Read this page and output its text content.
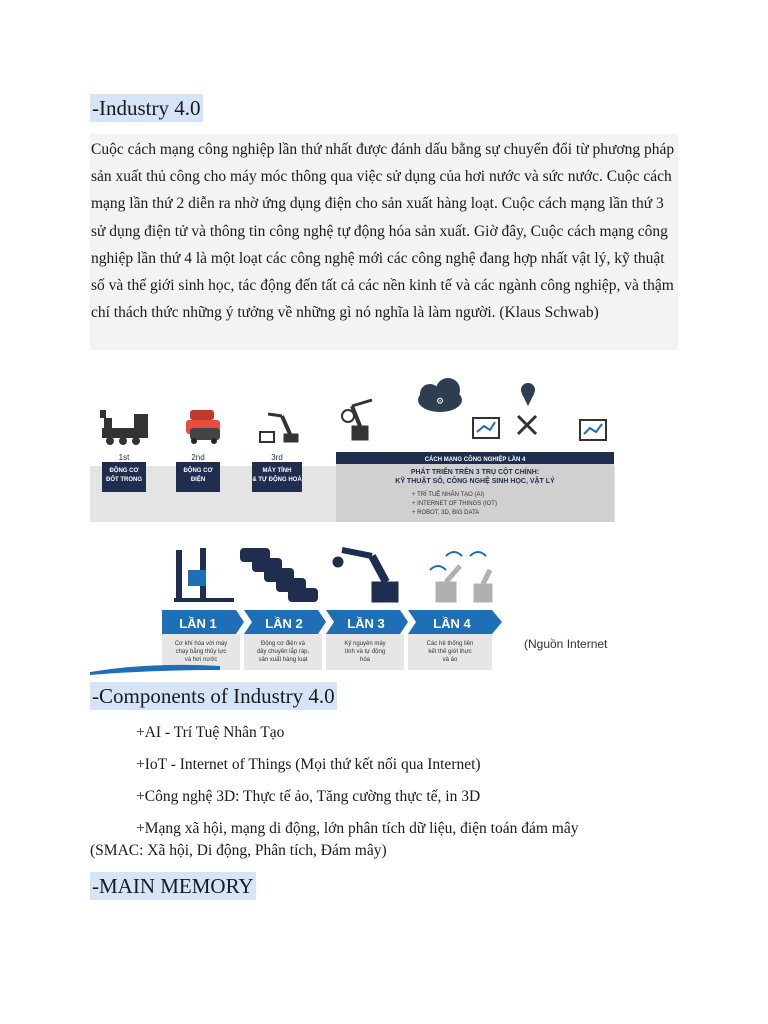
-Industry 4.0

Cuộc cách mạng công nghiệp lần thứ nhất được đánh dấu bằng sự chuyển đổi từ phương pháp sản xuất thủ công cho máy móc thông qua việc sử dụng của hơi nước và sức nước. Cuộc cách mạng lần thứ 2 diễn ra nhờ ứng dụng điện cho sản xuất hàng loạt. Cuộc cách mạng lần thứ 3 sử dụng điện tử và thông tin công nghệ tự động hóa sản xuất. Giờ đây, Cuộc cách mạng công nghiệp lần thứ 4 là một loạt các công nghệ mới các công nghệ đang hợp nhất vật lý, kỹ thuật số và thế giới sinh học, tác động đến tất cả các nền kinh tế và các ngành công nghiệp, và thậm chí thách thức những ý tưởng về những gì nó nghĩa là làm người. (Klaus Schwab)

⚙
1st
ĐỘNG CƠ
ĐỐT TRONG
2nd
ĐỘNG CƠ
ĐIỆN
3rd
MÁY TÍNH
& TỰ ĐỘNG HOÁ
CÁCH MẠNG CÔNG NGHIỆP LẦN 4
PHÁT TRIỂN TRÊN 3 TRỤ CỘT CHÍNH:
KỸ THUẬT SỐ, CÔNG NGHỆ SINH HỌC, VẬT LÝ
+ TRÍ TUỆ NHÂN TẠO (AI)
+ INTERNET OF THINGS (IOT)
+ ROBOT, 3D, BIG DATA
LẦN 1	LẦN 2	LẦN 3	LẦN 4
Cơ khí hóa với máy
chạy bằng thủy lực
và hơi nước
Động cơ điện và
dây chuyền lắp ráp,
sản xuất hàng loạt
Kỷ nguyên máy
tính và tự động
hóa
Các hệ thống liên
kết thế giới thực
và ảo
(Nguồn Internet
-Components of Industry 4.0

+AI - Trí Tuệ Nhân Tạo

+IoT - Internet of Things (Mọi thứ kết nối qua Internet)

+Công nghệ 3D: Thực tế ảo, Tăng cường thực tế, in 3D

+Mạng xã hội, mạng di động, lớn phân tích dữ liệu, điện toán đám mây

(SMAC: Xã hội, Di động, Phân tích, Đám mây)

-MAIN MEMORY
